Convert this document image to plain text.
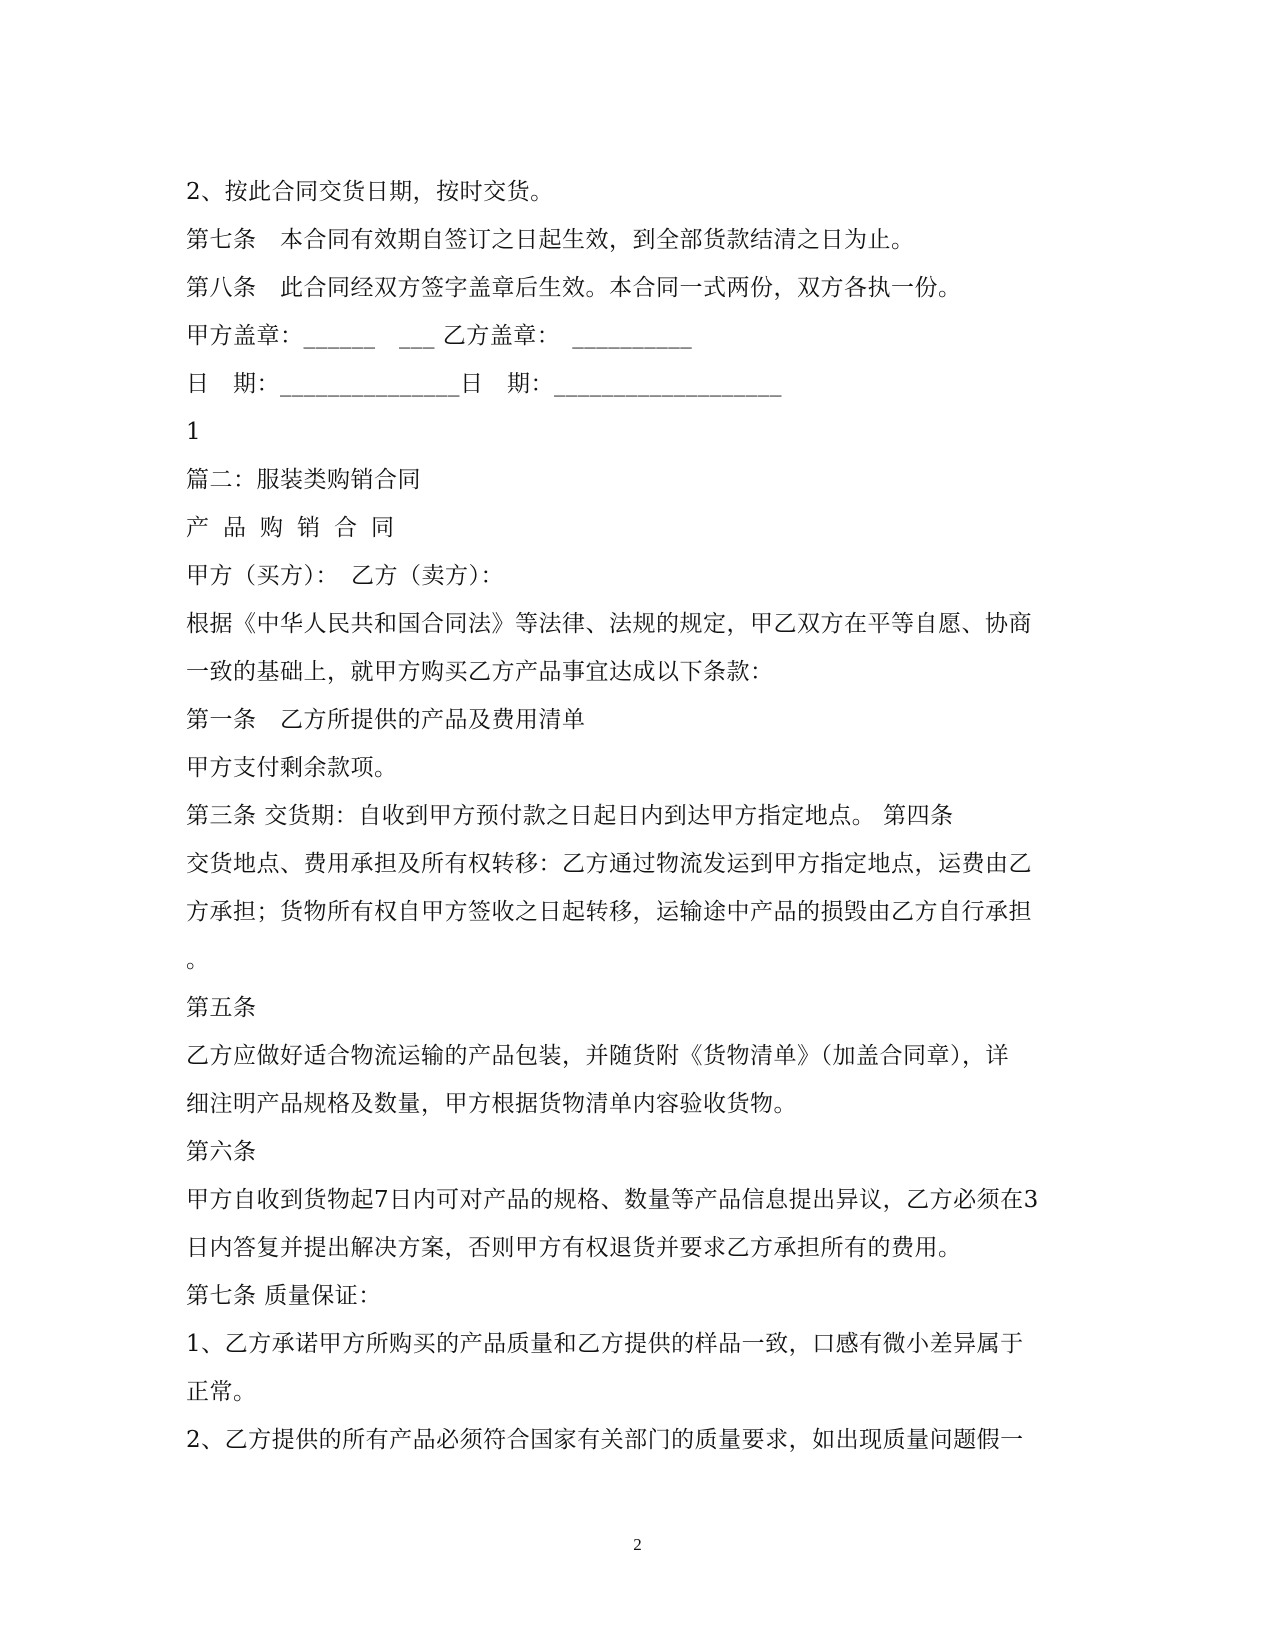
2、按此合同交货日期，按时交货。
第七条　本合同有效期自签订之日起生效，到全部货款结清之日为止。
第八条　此合同经双方签字盖章后生效。本合同一式两份，双方各执一份。
甲方盖章：______　___ 乙方盖章：　__________
日　期：_______________日　期：___________________
1
篇二：服装类购销合同
产品购销合同
甲方（买方）：　乙方（卖方）：
根据《中华人民共和国合同法》等法律、法规的规定，甲乙双方在平等自愿、协商
一致的基础上，就甲方购买乙方产品事宜达成以下条款：
第一条　乙方所提供的产品及费用清单
甲方支付剩余款项。
第三条 交货期：自收到甲方预付款之日起日内到达甲方指定地点。 第四条
交货地点、费用承担及所有权转移：乙方通过物流发运到甲方指定地点，运费由乙
方承担；货物所有权自甲方签收之日起转移，运输途中产品的损毁由乙方自行承担
。
第五条
乙方应做好适合物流运输的产品包装，并随货附《货物清单》（加盖合同章），详
细注明产品规格及数量，甲方根据货物清单内容验收货物。
第六条
甲方自收到货物起7日内可对产品的规格、数量等产品信息提出异议，乙方必须在3
日内答复并提出解决方案，否则甲方有权退货并要求乙方承担所有的费用。
第七条 质量保证：
1、乙方承诺甲方所购买的产品质量和乙方提供的样品一致，口感有微小差异属于
正常。
2、乙方提供的所有产品必须符合国家有关部门的质量要求，如出现质量问题假一
2
